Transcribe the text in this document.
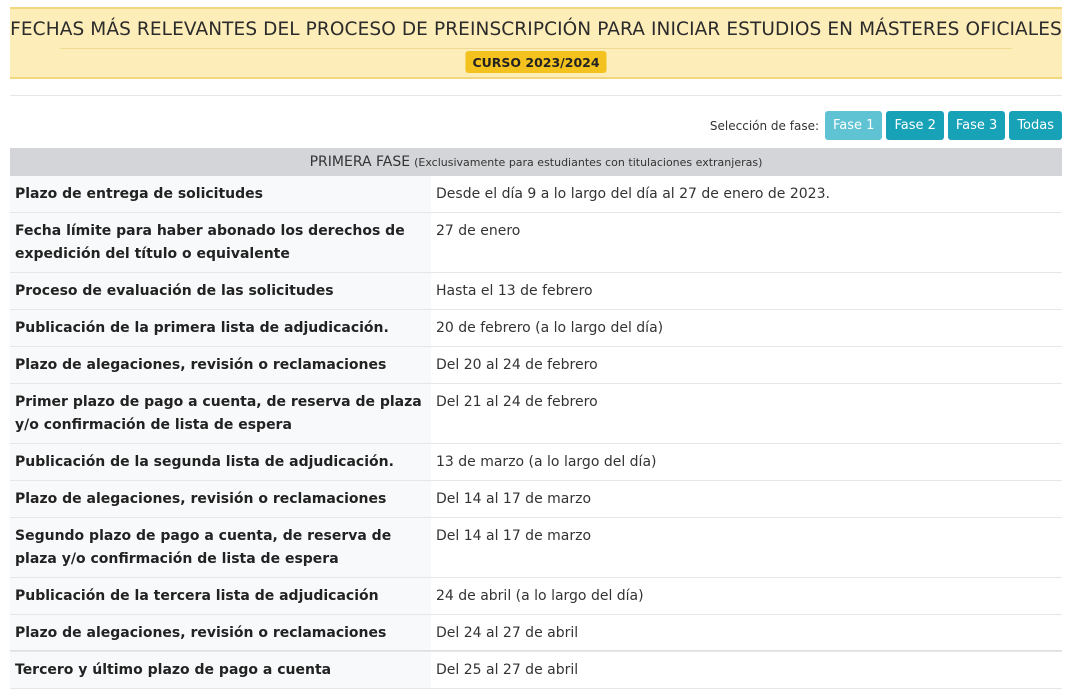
FECHAS MÁS RELEVANTES DEL PROCESO DE PREINSCRIPCIÓN PARA INICIAR ESTUDIOS EN MÁSTERES OFICIALES
CURSO 2023/2024
Selección de fase:	Fase 1	Fase 2	Fase 3	Todas
PRIMERA FASE (Exclusivamente para estudiantes con titulaciones extranjeras)
Plazo de entrega de solicitudes	Desde el día 9 a lo largo del día al 27 de enero de 2023.
Fecha límite para haber abonado los derechos de expedición del título o equivalente	27 de enero
Proceso de evaluación de las solicitudes	Hasta el 13 de febrero
Publicación de la primera lista de adjudicación.	20 de febrero (a lo largo del día)
Plazo de alegaciones, revisión o reclamaciones	Del 20 al 24 de febrero
Primer plazo de pago a cuenta, de reserva de plaza y/o confirmación de lista de espera	Del 21 al 24 de febrero
Publicación de la segunda lista de adjudicación.	13 de marzo (a lo largo del día)
Plazo de alegaciones, revisión o reclamaciones	Del 14 al 17 de marzo
Segundo plazo de pago a cuenta, de reserva de plaza y/o confirmación de lista de espera	Del 14 al 17 de marzo
Publicación de la tercera lista de adjudicación	24 de abril (a lo largo del día)
Plazo de alegaciones, revisión o reclamaciones	Del 24 al 27 de abril
Tercero y último plazo de pago a cuenta	Del 25 al 27 de abril
